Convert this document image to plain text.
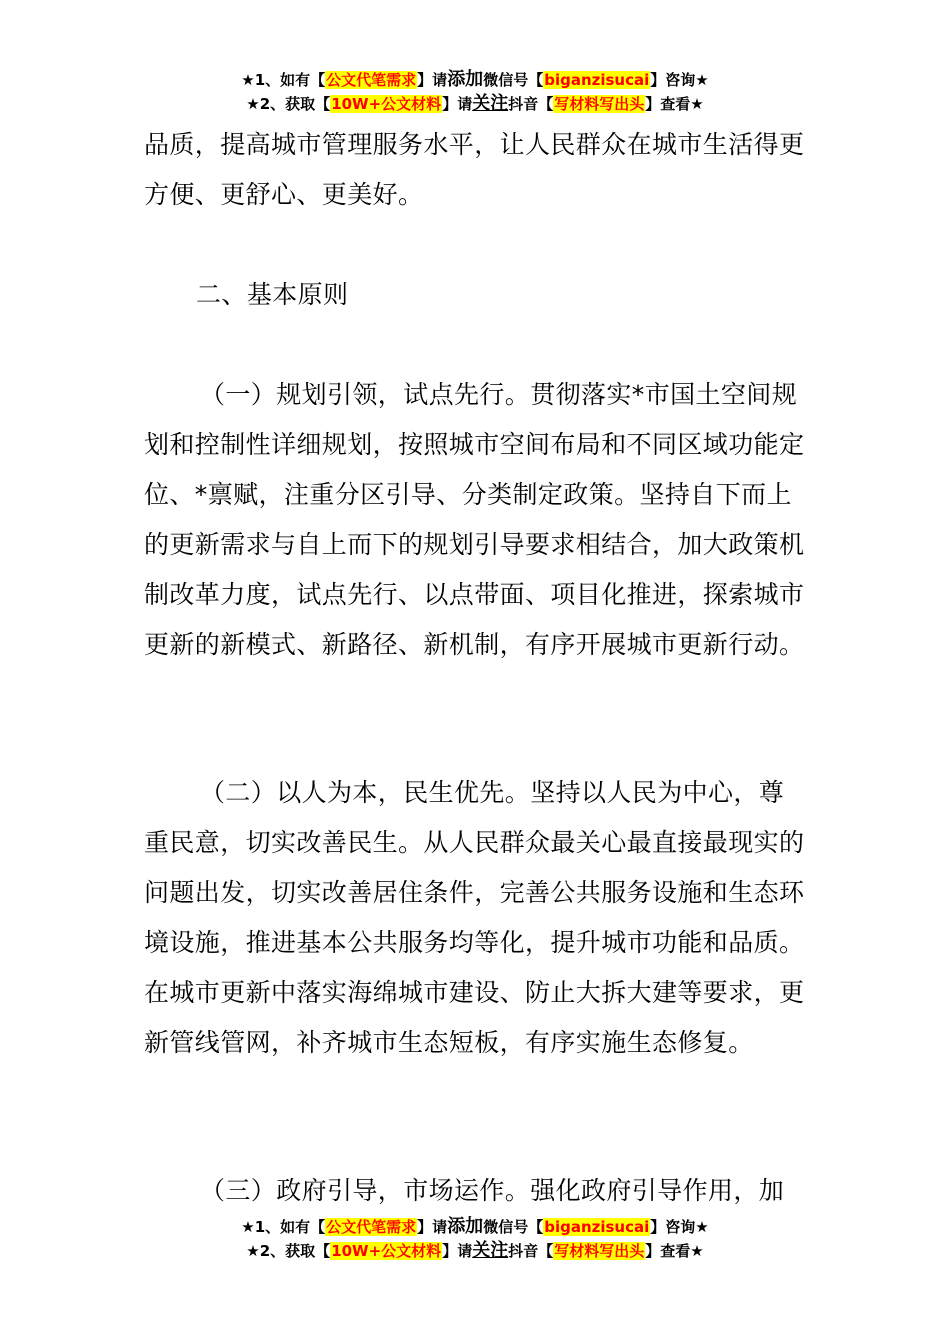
★1、如有【公文代笔需求】请添加微信号【biganzisucai】咨询★
★2、获取【10W+公文材料】请关注抖音【写材料写出头】查看★

品质，提高城市管理服务水平，让人民群众在城市生活得更方便、更舒心、更美好。

二、基本原则

（一）规划引领，试点先行。贯彻落实*市国土空间规划和控制性详细规划，按照城市空间布局和不同区域功能定位、*禀赋，注重分区引导、分类制定政策。坚持自下而上的更新需求与自上而下的规划引导要求相结合，加大政策机制改革力度，试点先行、以点带面、项目化推进，探索城市更新的新模式、新路径、新机制，有序开展城市更新行动。

（二）以人为本，民生优先。坚持以人民为中心，尊重民意，切实改善民生。从人民群众最关心最直接最现实的问题出发，切实改善居住条件，完善公共服务设施和生态环境设施，推进基本公共服务均等化，提升城市功能和品质。在城市更新中落实海绵城市建设、防止大拆大建等要求，更新管线管网，补齐城市生态短板，有序实施生态修复。

（三）政府引导，市场运作。强化政府引导作用，加

★1、如有【公文代笔需求】请添加微信号【biganzisucai】咨询★
★2、获取【10W+公文材料】请关注抖音【写材料写出头】查看★
